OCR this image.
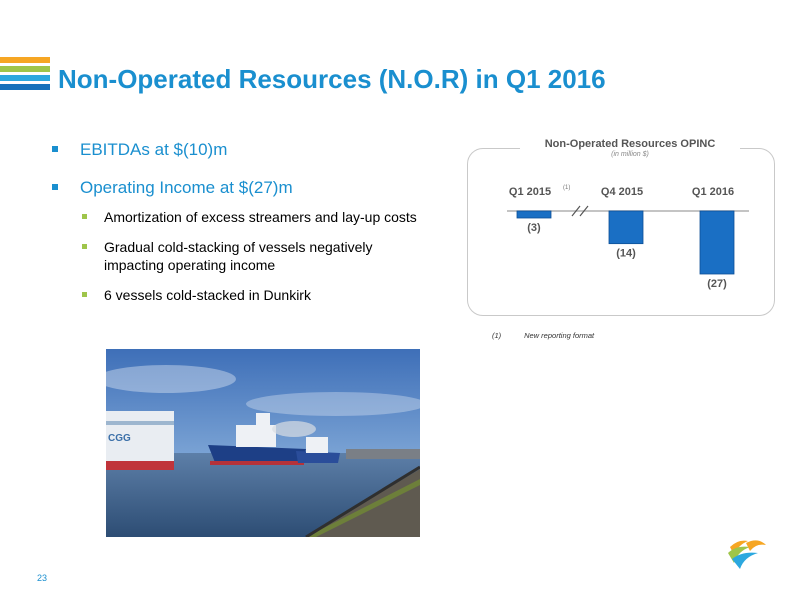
Non-Operated Resources (N.O.R) in Q1 2016
EBITDAs at $(10)m
Operating Income at $(27)m
Amortization of excess streamers and lay-up costs
Gradual cold-stacking of vessels negatively impacting operating income
6 vessels cold-stacked in Dunkirk
Non-Operated Resources OPINC
(in million $)
Q1 2015 (1)
(3)
Q4 2015
(14)
Q1 2016
(27)
(1)	New reporting format
CGG
23
